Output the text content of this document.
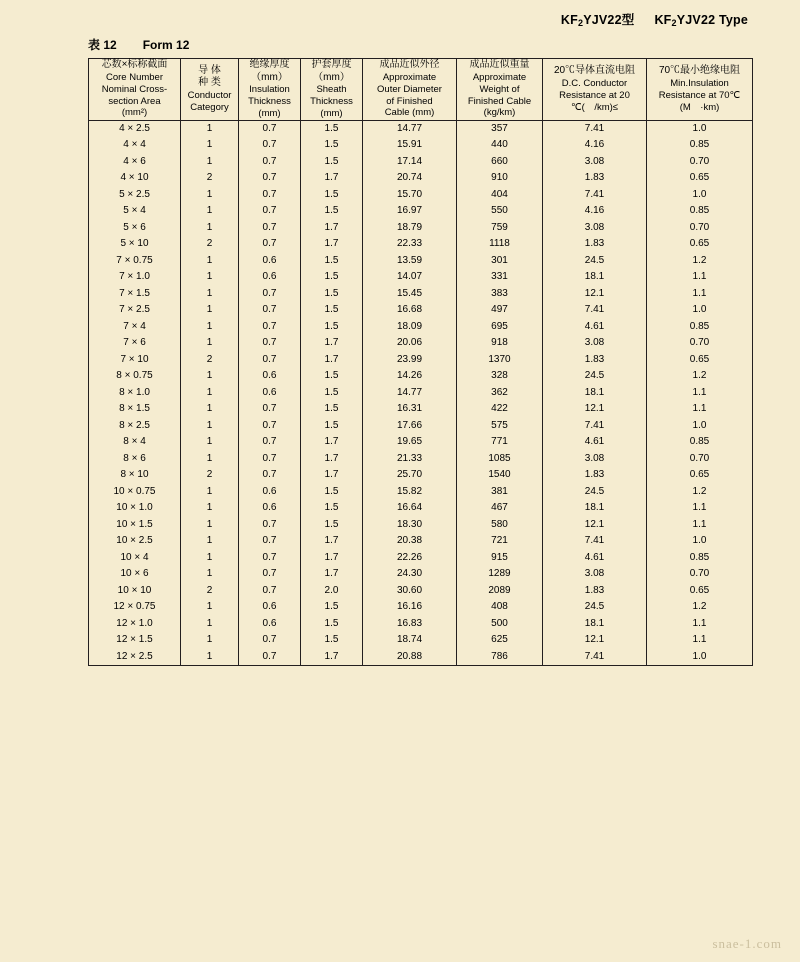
$KF_2YJV22$型 $KF_2YJV22$ Type
表 12 Form 12
芯数×标称截面
Core Number
Nominal Cross-
section Area
(mm²)	导 体
种 类
Conductor
Category	绝缘厚度
（mm）
Insulation
Thickness
(mm)	护套厚度
（mm）
Sheath
Thickness
(mm)	成品近似外径
Approximate
Outer Diameter
of Finished
Cable (mm)	成品近似重量
Approximate
Weight of
Finished Cable
(kg/km)	20℃导体直流电阻
D.C. Conductor
Resistance at 20
℃(　/km)≤	70℃最小绝缘电阻
Min.Insulation
Resistance at 70℃
(M　·km)

4 × 2.5	1	0.7	1.5	14.77	357	7.41	1.0
4 × 4	1	0.7	1.5	15.91	440	4.16	0.85
4 × 6	1	0.7	1.5	17.14	660	3.08	0.70
4 × 10	2	0.7	1.7	20.74	910	1.83	0.65
5 × 2.5	1	0.7	1.5	15.70	404	7.41	1.0
5 × 4	1	0.7	1.5	16.97	550	4.16	0.85
5 × 6	1	0.7	1.7	18.79	759	3.08	0.70
5 × 10	2	0.7	1.7	22.33	1118	1.83	0.65
7 × 0.75	1	0.6	1.5	13.59	301	24.5	1.2
7 × 1.0	1	0.6	1.5	14.07	331	18.1	1.1
7 × 1.5	1	0.7	1.5	15.45	383	12.1	1.1
7 × 2.5	1	0.7	1.5	16.68	497	7.41	1.0
7 × 4	1	0.7	1.5	18.09	695	4.61	0.85
7 × 6	1	0.7	1.7	20.06	918	3.08	0.70
7 × 10	2	0.7	1.7	23.99	1370	1.83	0.65
8 × 0.75	1	0.6	1.5	14.26	328	24.5	1.2
8 × 1.0	1	0.6	1.5	14.77	362	18.1	1.1
8 × 1.5	1	0.7	1.5	16.31	422	12.1	1.1
8 × 2.5	1	0.7	1.5	17.66	575	7.41	1.0
8 × 4	1	0.7	1.7	19.65	771	4.61	0.85
8 × 6	1	0.7	1.7	21.33	1085	3.08	0.70
8 × 10	2	0.7	1.7	25.70	1540	1.83	0.65
10 × 0.75	1	0.6	1.5	15.82	381	24.5	1.2
10 × 1.0	1	0.6	1.5	16.64	467	18.1	1.1
10 × 1.5	1	0.7	1.5	18.30	580	12.1	1.1
10 × 2.5	1	0.7	1.7	20.38	721	7.41	1.0
10 × 4	1	0.7	1.7	22.26	915	4.61	0.85
10 × 6	1	0.7	1.7	24.30	1289	3.08	0.70
10 × 10	2	0.7	2.0	30.60	2089	1.83	0.65
12 × 0.75	1	0.6	1.5	16.16	408	24.5	1.2
12 × 1.0	1	0.6	1.5	16.83	500	18.1	1.1
12 × 1.5	1	0.7	1.5	18.74	625	12.1	1.1
12 × 2.5	1	0.7	1.7	20.88	786	7.41	1.0
snae-1.com
